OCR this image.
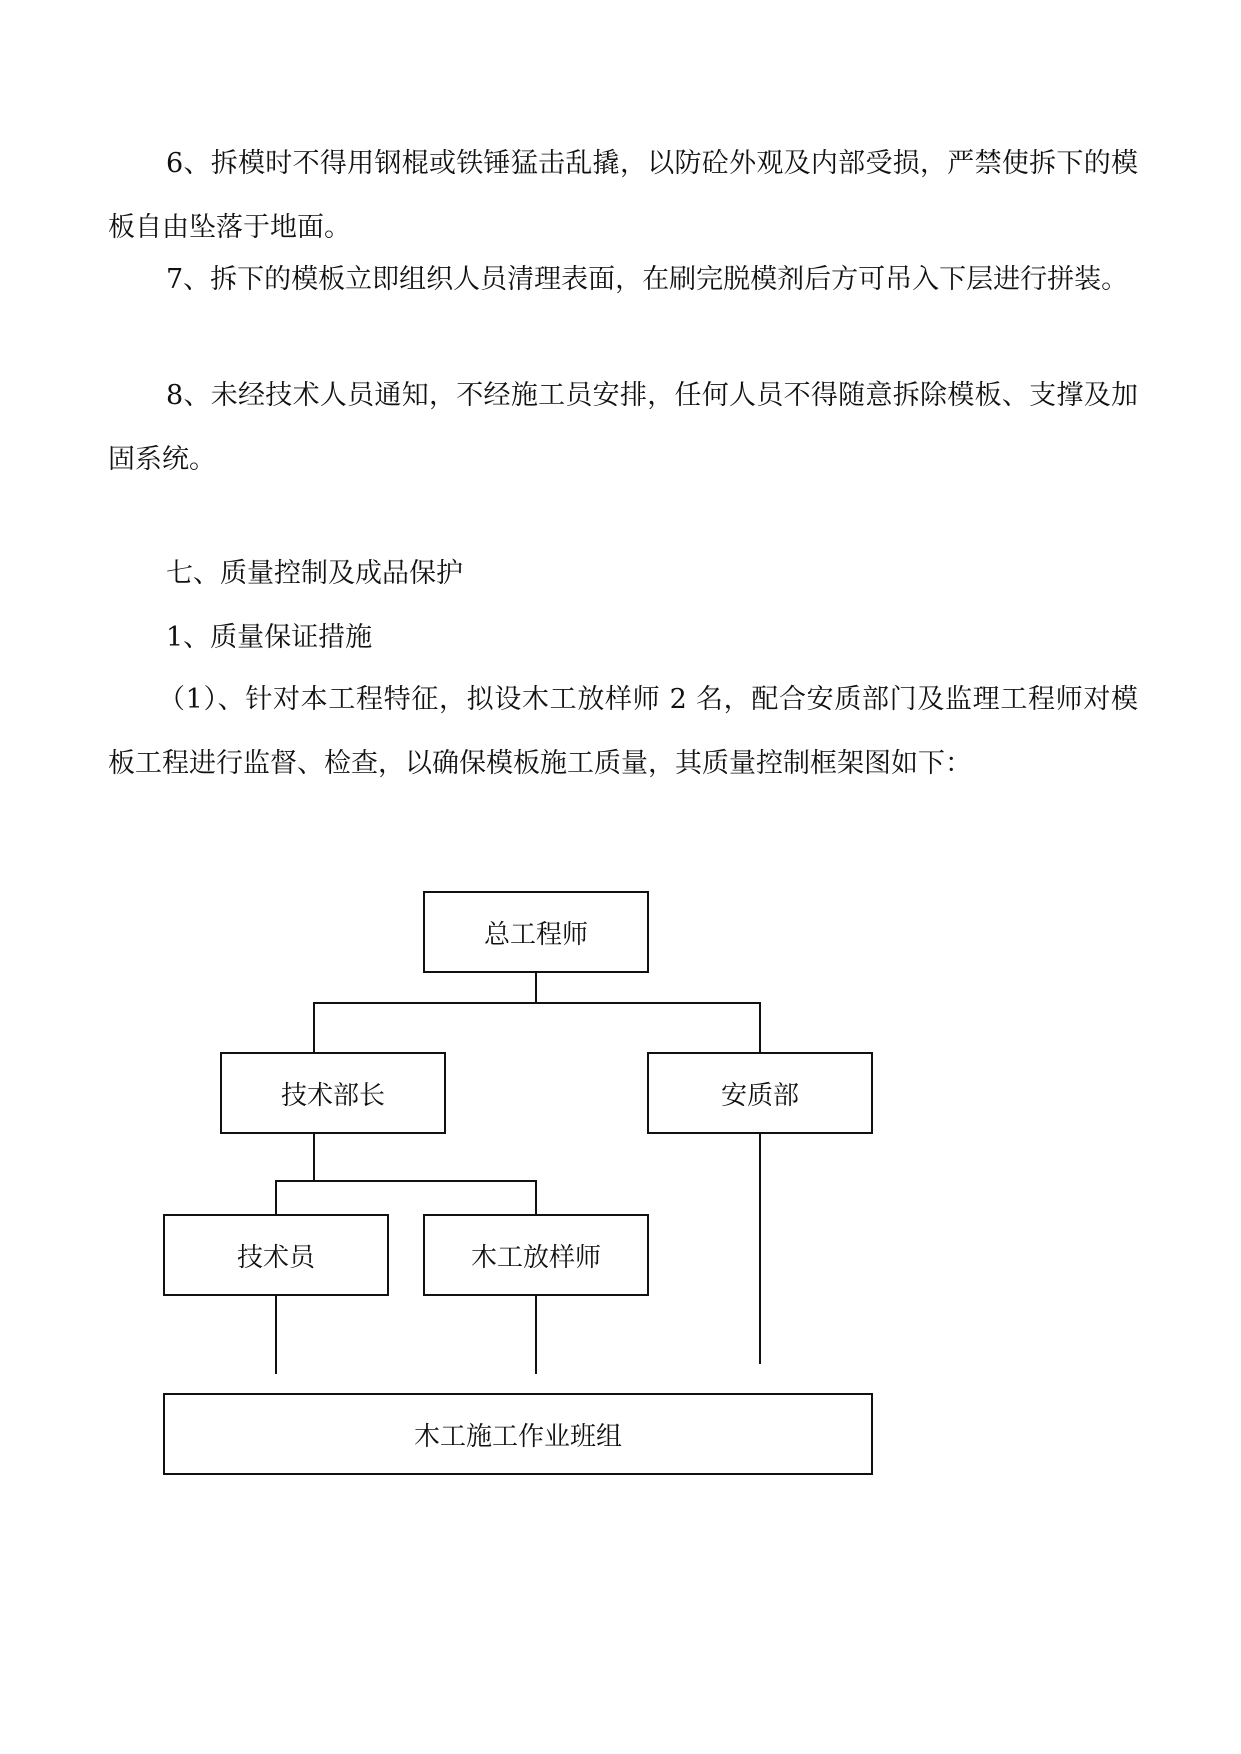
6、拆模时不得用钢棍或铁锤猛击乱撬，以防砼外观及内部受损，严禁使拆下的模板自由坠落于地面。

7、拆下的模板立即组织人员清理表面，在刷完脱模剂后方可吊入下层进行拼装。

8、未经技术人员通知，不经施工员安排，任何人员不得随意拆除模板、支撑及加固系统。

七、质量控制及成品保护
1、质量保证措施

（1）、针对本工程特征，拟设木工放样师 2 名，配合安质部门及监理工程师对模板工程进行监督、检查，以确保模板施工质量，其质量控制框架图如下：

总工程师
技术部长	安质部
技术员	木工放样师
木工施工作业班组
